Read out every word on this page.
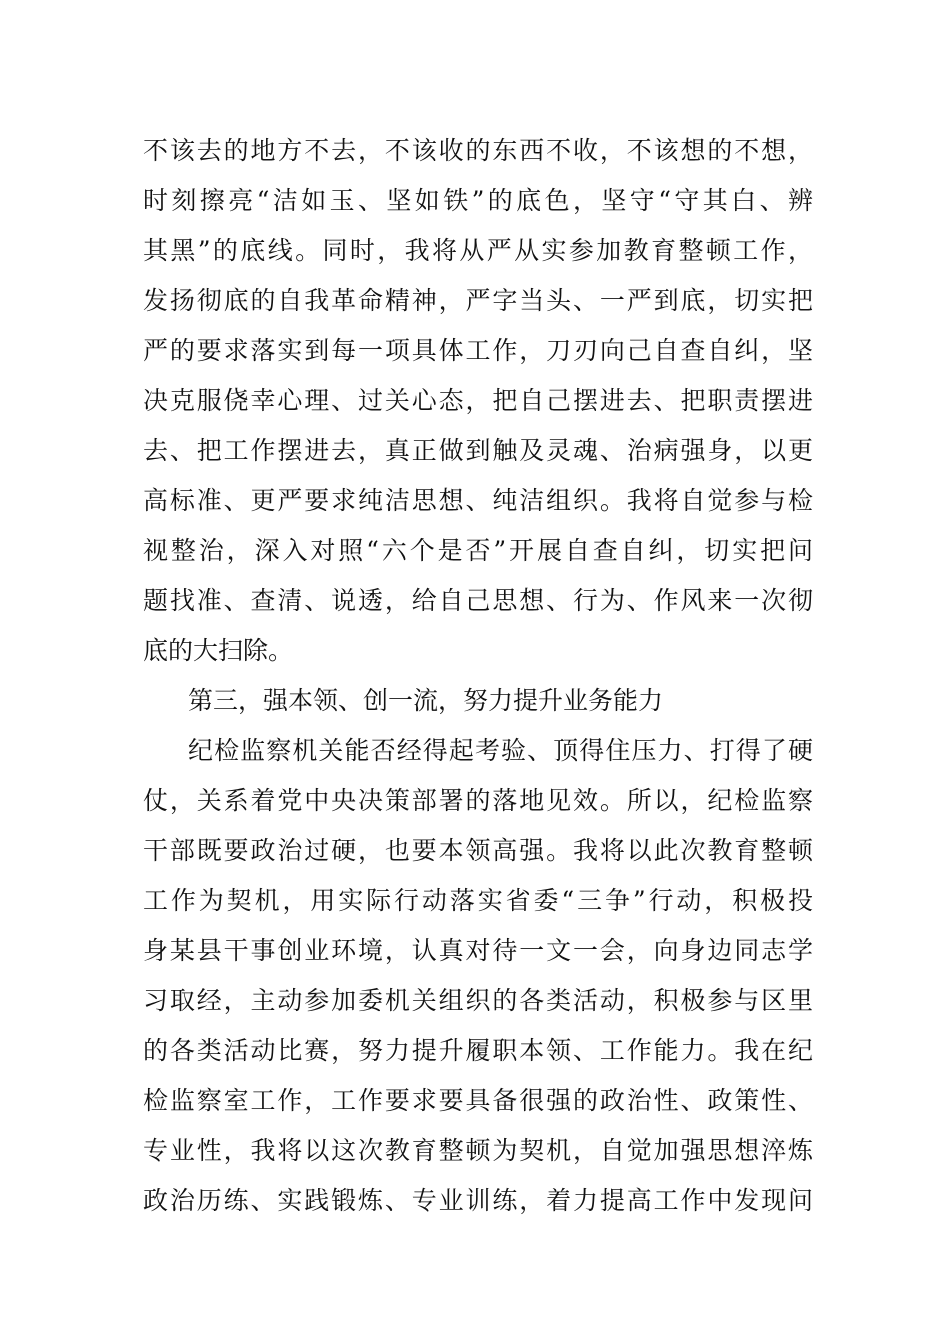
不该去的地方不去，不该收的东西不收，不该想的不想，
时刻擦亮“洁如玉、坚如铁”的底色，坚守“守其白、辨
其黑”的底线。同时，我将从严从实参加教育整顿工作，
发扬彻底的自我革命精神，严字当头、一严到底，切实把
严的要求落实到每一项具体工作，刀刃向己自查自纠，坚
决克服侥幸心理、过关心态，把自己摆进去、把职责摆进
去、把工作摆进去，真正做到触及灵魂、治病强身，以更
高标准、更严要求纯洁思想、纯洁组织。我将自觉参与检
视整治，深入对照“六个是否”开展自查自纠，切实把问
题找准、查清、说透，给自己思想、行为、作风来一次彻
底的大扫除。
第三，强本领、创一流，努力提升业务能力
纪检监察机关能否经得起考验、顶得住压力、打得了硬
仗，关系着党中央决策部署的落地见效。所以，纪检监察
干部既要政治过硬，也要本领高强。我将以此次教育整顿
工作为契机，用实际行动落实省委“三争”行动，积极投
身某县干事创业环境，认真对待一文一会，向身边同志学
习取经，主动参加委机关组织的各类活动，积极参与区里
的各类活动比赛，努力提升履职本领、工作能力。我在纪
检监察室工作，工作要求要具备很强的政治性、政策性、
专业性，我将以这次教育整顿为契机，自觉加强思想淬炼
政治历练、实践锻炼、专业训练，着力提高工作中发现问
